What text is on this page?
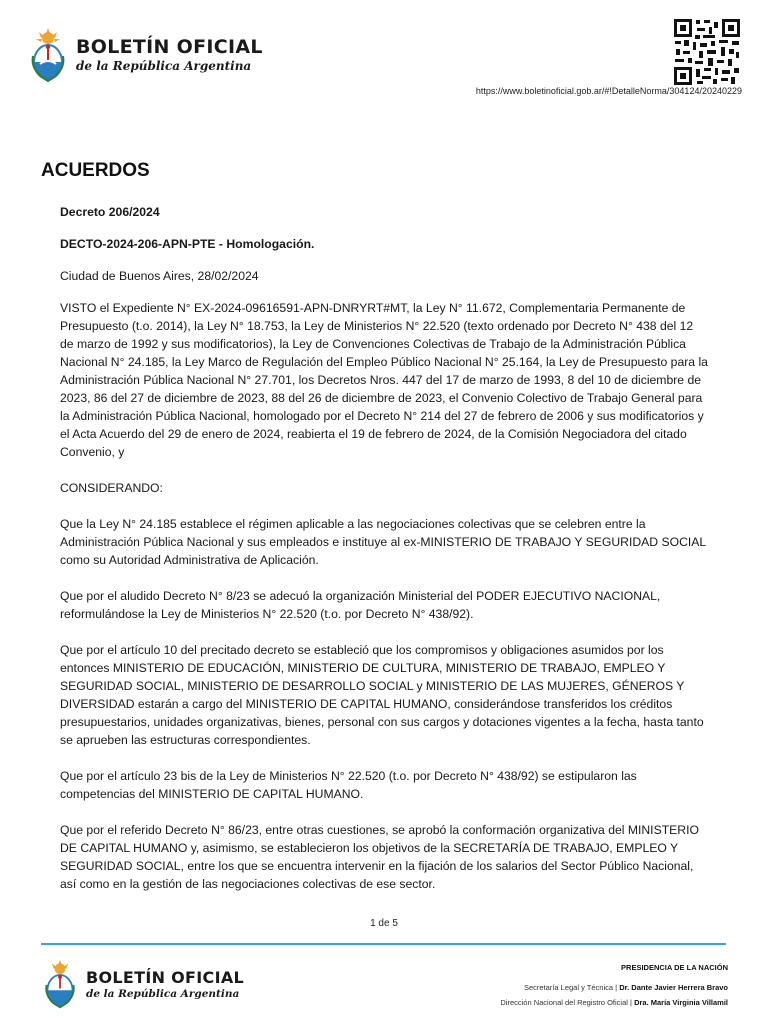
BOLETÍN OFICIAL
de la República Argentina
https://www.boletinoficial.gob.ar/#!DetalleNorma/304124/20240229
ACUERDOS

Decreto 206/2024

DECTO-2024-206-APN-PTE - Homologación.

Ciudad de Buenos Aires, 28/02/2024

VISTO el Expediente N° EX-2024-09616591-APN-DNRYRT#MT, la Ley N° 11.672, Complementaria Permanente de Presupuesto (t.o. 2014), la Ley N° 18.753, la Ley de Ministerios N° 22.520 (texto ordenado por Decreto N° 438 del 12 de marzo de 1992 y sus modificatorios), la Ley de Convenciones Colectivas de Trabajo de la Administración Pública Nacional N° 24.185, la Ley Marco de Regulación del Empleo Público Nacional N° 25.164, la Ley de Presupuesto para la Administración Pública Nacional N° 27.701, los Decretos Nros. 447 del 17 de marzo de 1993, 8 del 10 de diciembre de 2023, 86 del 27 de diciembre de 2023, 88 del 26 de diciembre de 2023, el Convenio Colectivo de Trabajo General para la Administración Pública Nacional, homologado por el Decreto N° 214 del 27 de febrero de 2006 y sus modificatorios y el Acta Acuerdo del 29 de enero de 2024, reabierta el 19 de febrero de 2024, de la Comisión Negociadora del citado Convenio, y

CONSIDERANDO:

Que la Ley N° 24.185 establece el régimen aplicable a las negociaciones colectivas que se celebren entre la Administración Pública Nacional y sus empleados e instituye al ex-MINISTERIO DE TRABAJO Y SEGURIDAD SOCIAL como su Autoridad Administrativa de Aplicación.

Que por el aludido Decreto N° 8/23 se adecuó la organización Ministerial del PODER EJECUTIVO NACIONAL, reformulándose la Ley de Ministerios N° 22.520 (t.o. por Decreto N° 438/92).

Que por el artículo 10 del precitado decreto se estableció que los compromisos y obligaciones asumidos por los entonces MINISTERIO DE EDUCACIÓN, MINISTERIO DE CULTURA, MINISTERIO DE TRABAJO, EMPLEO Y SEGURIDAD SOCIAL, MINISTERIO DE DESARROLLO SOCIAL y MINISTERIO DE LAS MUJERES, GÉNEROS Y DIVERSIDAD estarán a cargo del MINISTERIO DE CAPITAL HUMANO, considerándose transferidos los créditos presupuestarios, unidades organizativas, bienes, personal con sus cargos y dotaciones vigentes a la fecha, hasta tanto se aprueben las estructuras correspondientes.

Que por el artículo 23 bis de la Ley de Ministerios N° 22.520 (t.o. por Decreto N° 438/92) se estipularon las competencias del MINISTERIO DE CAPITAL HUMANO.

Que por el referido Decreto N° 86/23, entre otras cuestiones, se aprobó la conformación organizativa del MINISTERIO DE CAPITAL HUMANO y, asimismo, se establecieron los objetivos de la SECRETARÍA DE TRABAJO, EMPLEO Y SEGURIDAD SOCIAL, entre los que se encuentra intervenir en la fijación de los salarios del Sector Público Nacional, así como en la gestión de las negociaciones colectivas de ese sector.

1 de 5
BOLETÍN OFICIAL
de la República Argentina
PRESIDENCIA DE LA NACIÓN
Secretaría Legal y Técnica | Dr. Dante Javier Herrera Bravo
Dirección Nacional del Registro Oficial | Dra. María Virginia Villamil
